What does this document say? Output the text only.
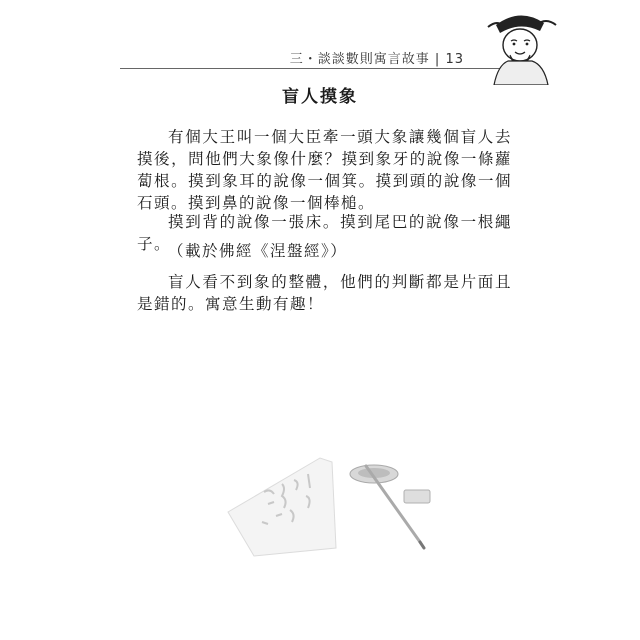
三・談談數則寓言故事 | 13
盲人摸象

有個大王叫一個大臣牽一頭大象讓幾個盲人去摸後，問他們大象像什麼？摸到象牙的說像一條蘿蔔根。摸到象耳的說像一個箕。摸到頭的說像一個石頭。摸到鼻的說像一個棒槌。

摸到背的說像一張床。摸到尾巴的說像一根繩子。

（載於佛經《涅盤經》）

盲人看不到象的整體，他們的判斷都是片面且是錯的。寓意生動有趣！
